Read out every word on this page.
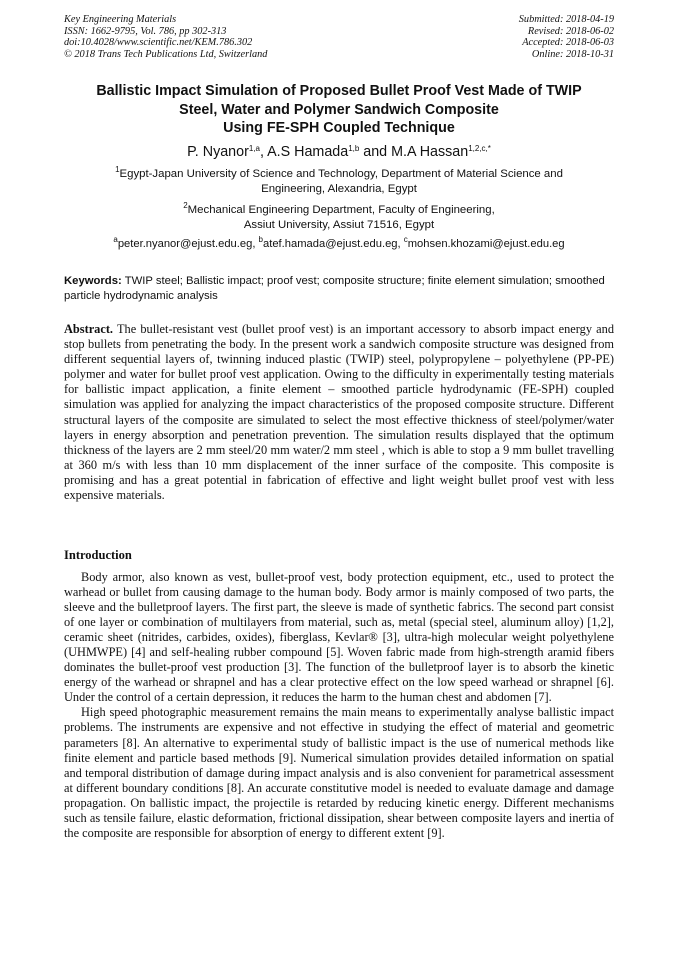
Key Engineering Materials
ISSN: 1662-9795, Vol. 786, pp 302-313
doi:10.4028/www.scientific.net/KEM.786.302
© 2018 Trans Tech Publications Ltd, Switzerland
Submitted: 2018-04-19
Revised: 2018-06-02
Accepted: 2018-06-03
Online: 2018-10-31
Ballistic Impact Simulation of Proposed Bullet Proof Vest Made of TWIP
Steel, Water and Polymer Sandwich Composite
Using FE-SPH Coupled Technique
P. Nyanor$^{1,a}$, A.S Hamada$^{1,b}$ and M.A Hassan$^{1,2,c,*}$
$^1$Egypt-Japan University of Science and Technology, Department of Material Science and
Engineering, Alexandria, Egypt
$^2$Mechanical Engineering Department, Faculty of Engineering,
Assiut University, Assiut 71516, Egypt
$^a$peter.nyanor@ejust.edu.eg, $^b$atef.hamada@ejust.edu.eg, $^c$mohsen.khozami@ejust.edu.eg
Keywords: TWIP steel; Ballistic impact; proof vest; composite structure; finite element simulation; smoothed particle hydrodynamic analysis
Abstract. The bullet-resistant vest (bullet proof vest) is an important accessory to absorb impact energy and stop bullets from penetrating the body. In the present work a sandwich composite structure was designed from different sequential layers of, twinning induced plastic (TWIP) steel, polypropylene – polyethylene (PP-PE) polymer and water for bullet proof vest application. Owing to the difficulty in experimentally testing materials for ballistic impact application, a finite element – smoothed particle hydrodynamic (FE-SPH) coupled simulation was applied for analyzing the impact characteristics of the proposed composite structure. Different structural layers of the composite are simulated to select the most effective thickness of steel/polymer/water layers in energy absorption and penetration prevention. The simulation results displayed that the optimum thickness of the layers are 2 mm steel/20 mm water/2 mm steel , which is able to stop a 9 mm bullet travelling at 360 m/s with less than 10 mm displacement of the inner surface of the composite. This composite is promising and has a great potential in fabrication of effective and light weight bullet proof vest with less expensive materials.
Introduction

Body armor, also known as vest, bullet-proof vest, body protection equipment, etc., used to protect the warhead or bullet from causing damage to the human body. Body armor is mainly composed of two parts, the sleeve and the bulletproof layers. The first part, the sleeve is made of synthetic fabrics. The second part consist of one layer or combination of multilayers from material, such as, metal (special steel, aluminum alloy) [1,2], ceramic sheet (nitrides, carbides, oxides), fiberglass, Kevlar® [3], ultra-high molecular weight polyethylene (UHMWPE) [4] and self-healing rubber compound [5]. Woven fabric made from high-strength aramid fibers dominates the bullet-proof vest production [3]. The function of the bulletproof layer is to absorb the kinetic energy of the warhead or shrapnel and has a clear protective effect on the low speed warhead or shrapnel [6]. Under the control of a certain depression, it reduces the harm to the human chest and abdomen [7].

High speed photographic measurement remains the main means to experimentally analyse ballistic impact problems. The instruments are expensive and not effective in studying the effect of material and geometric parameters [8]. An alternative to experimental study of ballistic impact is the use of numerical methods like finite element and particle based methods [9]. Numerical simulation provides detailed information on spatial and temporal distribution of damage during impact analysis and is also convenient for parametrical assessment at different boundary conditions [8]. An accurate constitutive model is needed to evaluate damage and damage propagation. On ballistic impact, the projectile is retarded by reducing kinetic energy. Different mechanisms such as tensile failure, elastic deformation, frictional dissipation, shear between composite layers and inertia of the composite are responsible for absorption of energy to different extent [9].
